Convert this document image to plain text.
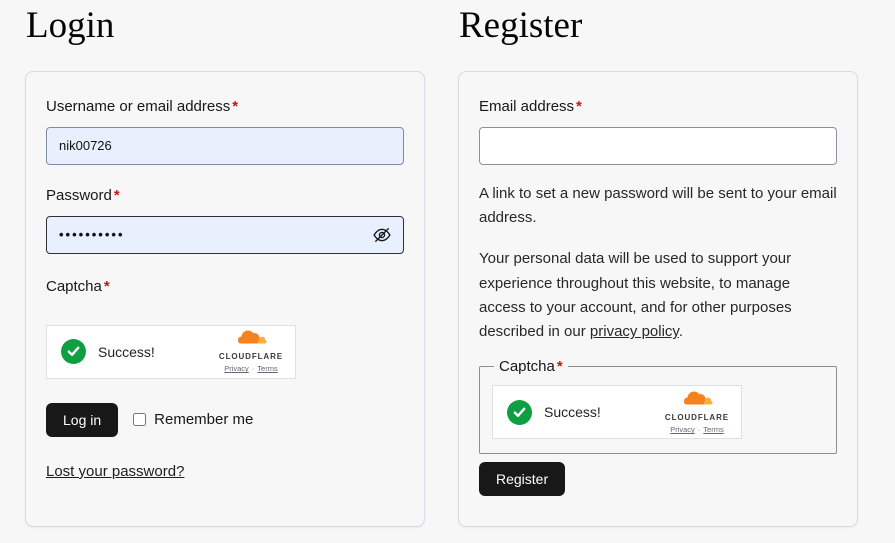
Login
Username or email address *
nik00726
Password *
••••••••••
Captcha *
Success!	CLOUDFLARE
Privacy · Terms
Log in	Remember me
Lost your password?
Register
Email address *

A link to set a new password will be sent to your email address.

Your personal data will be used to support your experience throughout this website, to manage access to your account, and for other purposes described in our privacy policy.

Captcha *
Success!	CLOUDFLARE
Privacy · Terms
Register
